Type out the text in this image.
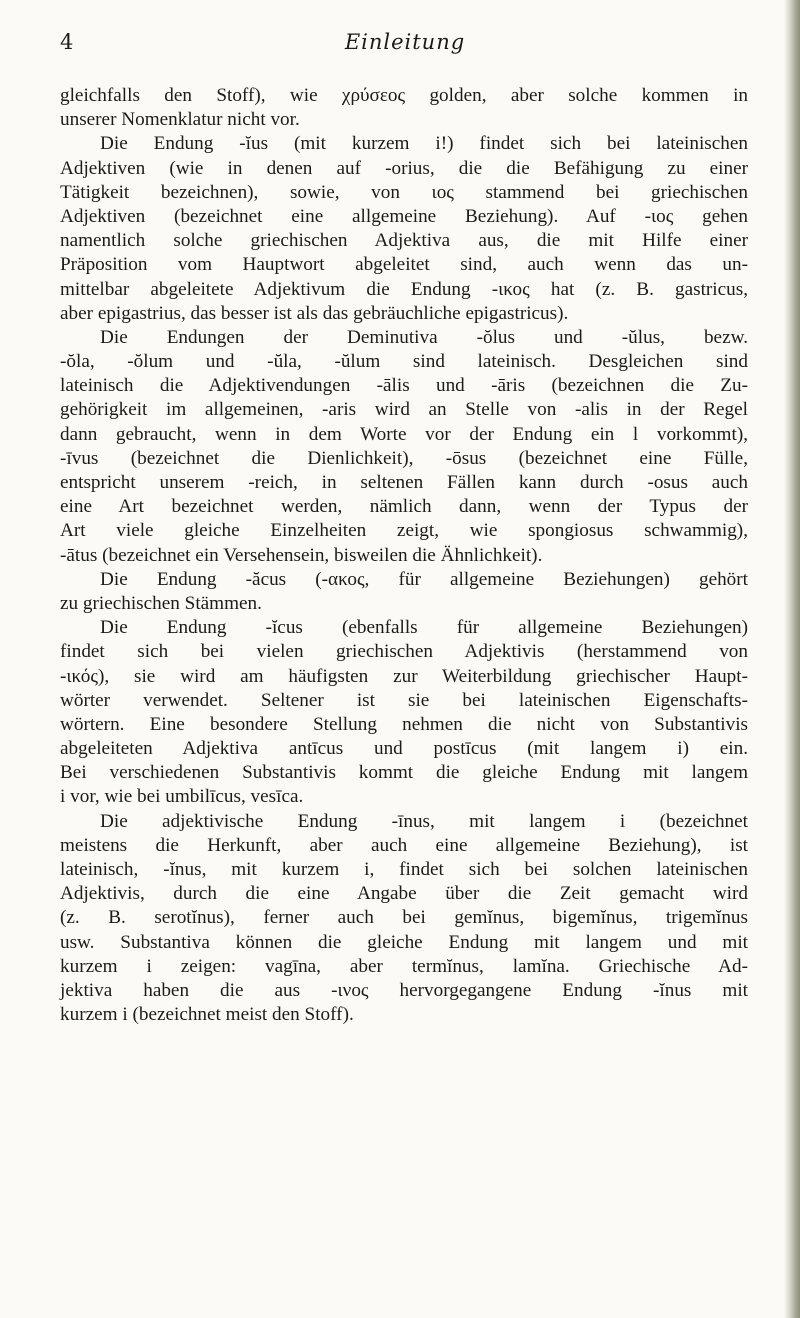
4	Einleitung
gleichfalls den Stoff), wie χρύσεος golden, aber solche kommen in
unserer Nomenklatur nicht vor.
Die Endung -ĭus (mit kurzem i!) findet sich bei lateinischen
Adjektiven (wie in denen auf -orius, die die Befähigung zu einer
Tätigkeit bezeichnen), sowie, von ιος stammend bei griechischen
Adjektiven (bezeichnet eine allgemeine Beziehung). Auf -ιος gehen
namentlich solche griechischen Adjektiva aus, die mit Hilfe einer
Präposition vom Hauptwort abgeleitet sind, auch wenn das un-
mittelbar abgeleitete Adjektivum die Endung -ικος hat (z. B. gastricus,
aber epigastrius, das besser ist als das gebräuchliche epigastricus).
Die Endungen der Deminutiva -ŏlus und -ŭlus, bezw.
-ŏla, -ŏlum und -ŭla, -ŭlum sind lateinisch. Desgleichen sind
lateinisch die Adjektivendungen -ālis und -āris (bezeichnen die Zu-
gehörigkeit im allgemeinen, -aris wird an Stelle von -alis in der Regel
dann gebraucht, wenn in dem Worte vor der Endung ein l vorkommt),
-īvus (bezeichnet die Dienlichkeit), -ōsus (bezeichnet eine Fülle,
entspricht unserem -reich, in seltenen Fällen kann durch -osus auch
eine Art bezeichnet werden, nämlich dann, wenn der Typus der
Art viele gleiche Einzelheiten zeigt, wie spongiosus schwammig),
-ātus (bezeichnet ein Versehensein, bisweilen die Ähnlichkeit).
Die Endung -ăcus (-ακος, für allgemeine Beziehungen) gehört
zu griechischen Stämmen.
Die Endung -ĭcus (ebenfalls für allgemeine Beziehungen)
findet sich bei vielen griechischen Adjektivis (herstammend von
-ικός), sie wird am häufigsten zur Weiterbildung griechischer Haupt-
wörter verwendet. Seltener ist sie bei lateinischen Eigenschafts-
wörtern. Eine besondere Stellung nehmen die nicht von Substantivis
abgeleiteten Adjektiva antīcus und postīcus (mit langem i) ein.
Bei verschiedenen Substantivis kommt die gleiche Endung mit langem
i vor, wie bei umbilīcus, vesīca.
Die adjektivische Endung -īnus, mit langem i (bezeichnet
meistens die Herkunft, aber auch eine allgemeine Beziehung), ist
lateinisch, -ĭnus, mit kurzem i, findet sich bei solchen lateinischen
Adjektivis, durch die eine Angabe über die Zeit gemacht wird
(z. B. serotĭnus), ferner auch bei gemĭnus, bigemĭnus, trigemĭnus
usw. Substantiva können die gleiche Endung mit langem und mit
kurzem i zeigen: vagīna, aber termĭnus, lamĭna. Griechische Ad-
jektiva haben die aus -ινος hervorgegangene Endung -ĭnus mit
kurzem i (bezeichnet meist den Stoff).
